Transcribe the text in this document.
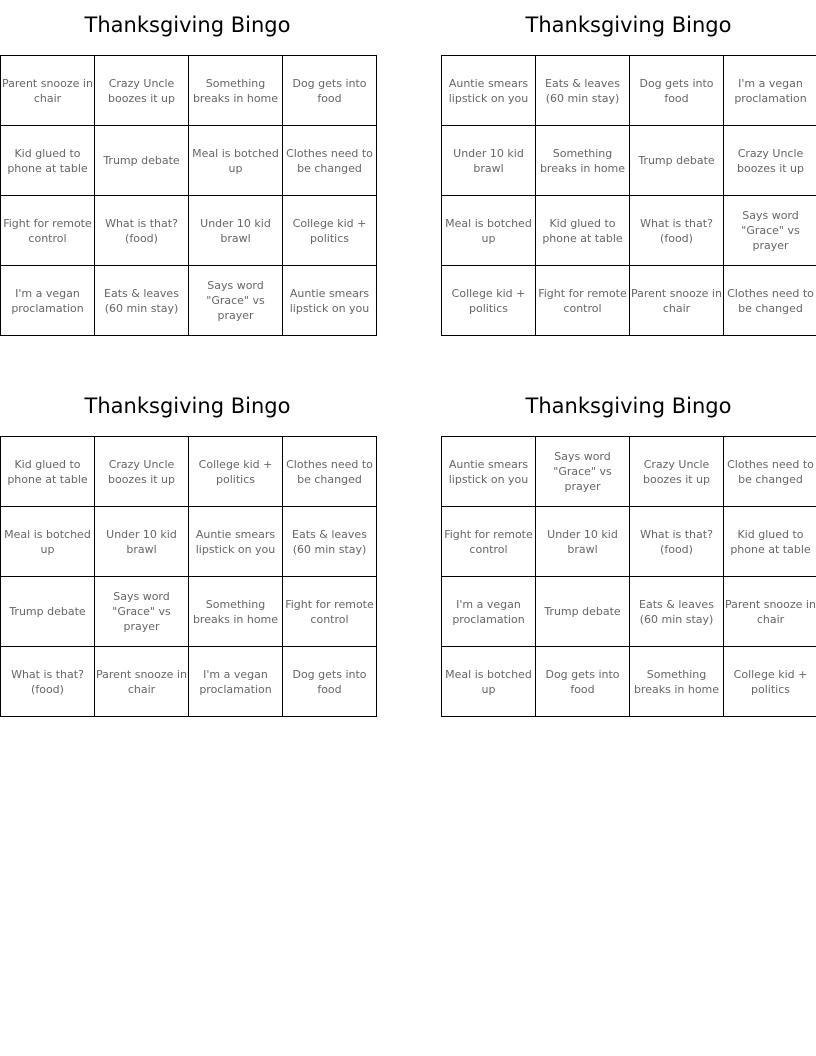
Thanksgiving Bingo
Parent snooze in chair	Crazy Uncle boozes it up	Something breaks in home	Dog gets into food
Kid glued to phone at table	Trump debate	Meal is botched up	Clothes need to be changed
Fight for remote control	What is that? (food)	Under 10 kid brawl	College kid + politics
I'm a vegan proclamation	Eats & leaves (60 min stay)	Says word "Grace" vs prayer	Auntie smears lipstick on you
Thanksgiving Bingo
Auntie smears lipstick on you	Eats & leaves (60 min stay)	Dog gets into food	I'm a vegan proclamation
Under 10 kid brawl	Something breaks in home	Trump debate	Crazy Uncle boozes it up
Meal is botched up	Kid glued to phone at table	What is that? (food)	Says word "Grace" vs prayer
College kid + politics	Fight for remote control	Parent snooze in chair	Clothes need to be changed
Thanksgiving Bingo
Kid glued to phone at table	Crazy Uncle boozes it up	College kid + politics	Clothes need to be changed
Meal is botched up	Under 10 kid brawl	Auntie smears lipstick on you	Eats & leaves (60 min stay)
Trump debate	Says word "Grace" vs prayer	Something breaks in home	Fight for remote control
What is that? (food)	Parent snooze in chair	I'm a vegan proclamation	Dog gets into food
Thanksgiving Bingo
Auntie smears lipstick on you	Says word "Grace" vs prayer	Crazy Uncle boozes it up	Clothes need to be changed
Fight for remote control	Under 10 kid brawl	What is that? (food)	Kid glued to phone at table
I'm a vegan proclamation	Trump debate	Eats & leaves (60 min stay)	Parent snooze in chair
Meal is botched up	Dog gets into food	Something breaks in home	College kid + politics
